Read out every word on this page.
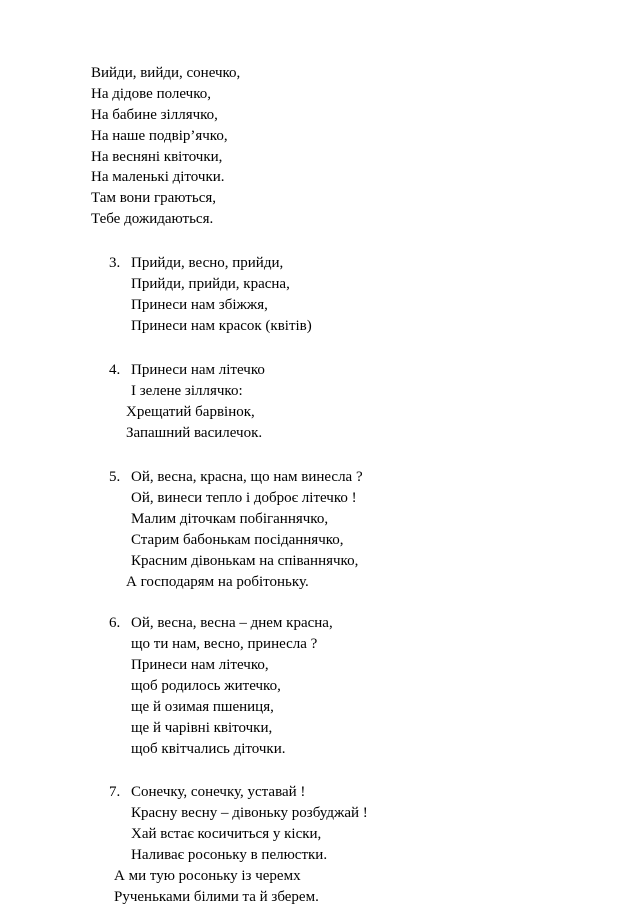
Вийди, вийди, сонечко,
На дідове полечко,
На бабине зіллячко,
На наше подвір’ячко,
На весняні квіточки,
На маленькі діточки.
Там вони граються,
Тебе дожидаються.
3. Прийди, весно, прийди,
Прийди, прийди, красна,
Принеси нам збіжжя,
Принеси нам красок (квітів)
4. Принеси нам літечко
І зелене зіллячко:
Хрещатий барвінок,
Запашний василечок.
5. Ой, весна, красна, що нам винесла ?
Ой, винеси тепло і доброє літечко !
Малим діточкам побіганнячко,
Старим бабонькам посіданнячко,
Красним дівонькам на співаннячко,
А господарям на робітоньку.
6. Ой, весна, весна – днем красна,
що ти нам, весно, принесла ?
Принеси нам літечко,
щоб родилось житечко,
ще й озимая пшениця,
ще й чарівні квіточки,
щоб квітчались діточки.
7. Сонечку, сонечку, уставай !
Красну весну – дівоньку розбуджай !
Хай встає косичиться у кіски,
Наливає росоньку в пелюстки.
А ми тую росоньку із черемх
Рученьками білими та й зберем.
